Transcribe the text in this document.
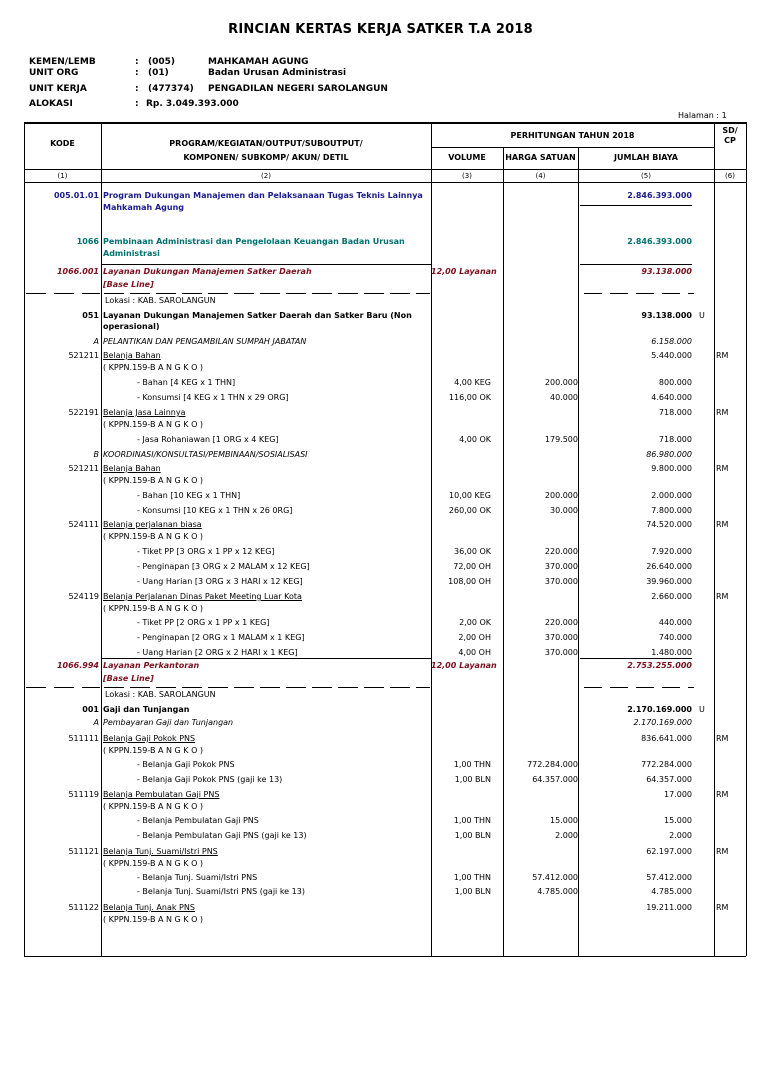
RINCIAN KERTAS KERJA SATKER T.A 2018
KEMEN/LEMB	: (005)	MAHKAMAH AGUNG
UNIT ORG	: (01)	Badan Urusan Administrasi
UNIT KERJA	: (477374) PENGADILAN NEGERI SAROLANGUN
ALOKASI	: Rp. 3.049.393.000
Halaman : 1
KODE	PROGRAM/KEGIATAN/OUTPUT/SUBOUTPUT/
KOMPONEN/ SUBKOMP/ AKUN/ DETIL
PERHITUNGAN TAHUN 2018
VOLUME	HARGA SATUAN	JUMLAH BIAYA
SD/
CP
(1)	(2)	(3)	(4)	(5)	(6)
005.01.01 Program Dukungan Manajemen dan Pelaksanaan Tugas Teknis Lainnya	2.846.393.000
Mahkamah Agung
1066 Pembinaan Administrasi dan Pengelolaan Keuangan Badan Urusan	2.846.393.000
Administrasi
1066.001 Layanan Dukungan Manajemen Satker Daerah	12,00 Layanan	93.138.000
[Base Line]
Lokasi : KAB. SAROLANGUN
051 Layanan Dukungan Manajemen Satker Daerah dan Satker Baru (Non	93.138.000 U
operasional)
A PELANTIKAN DAN PENGAMBILAN SUMPAH JABATAN	6.158.000
521211 Belanja Bahan	5.440.000	RM
( KPPN.159-B A N G K O )
- Bahan [4 KEG x 1 THN]	4,00 KEG	200.000	800.000
- Konsumsi [4 KEG x 1 THN x 29 ORG]	116,00 OK	40.000	4.640.000
522191 Belanja Jasa Lainnya	718.000	RM
( KPPN.159-B A N G K O )
- Jasa Rohaniawan [1 ORG x 4 KEG]	4,00 OK	179.500	718.000
B KOORDINASI/KONSULTASI/PEMBINAAN/SOSIALISASI	86.980.000
521211 Belanja Bahan	9.800.000	RM
( KPPN.159-B A N G K O )
- Bahan [10 KEG x 1 THN]	10,00 KEG	200.000	2.000.000
- Konsumsi [10 KEG x 1 THN x 26 0RG]	260,00 OK	30.000	7.800.000
524111 Belanja perjalanan biasa	74.520.000	RM
( KPPN.159-B A N G K O )
- Tiket PP [3 ORG x 1 PP x 12 KEG]	36,00 OK	220.000	7.920.000
- Penginapan [3 ORG x 2 MALAM x 12 KEG]	72,00 OH	370.000	26.640.000
- Uang Harian [3 ORG x 3 HARI x 12 KEG]	108,00 OH	370.000	39.960.000
524119 Belanja Perjalanan Dinas Paket Meeting Luar Kota	2.660.000	RM
( KPPN.159-B A N G K O )
- Tiket PP [2 ORG x 1 PP x 1 KEG]	2,00 OK	220.000	440.000
- Penginapan [2 ORG x 1 MALAM x 1 KEG]	2,00 OH	370.000	740.000
- Uang Harian [2 ORG x 2 HARI x 1 KEG]	4,00 OH	370.000	1.480.000
1066.994 Layanan Perkantoran	12,00 Layanan	2.753.255.000
[Base Line]
Lokasi : KAB. SAROLANGUN
001 Gaji dan Tunjangan	2.170.169.000 U
A Pembayaran Gaji dan Tunjangan	2.170.169.000
511111 Belanja Gaji Pokok PNS	836.641.000	RM
( KPPN.159-B A N G K O )
- Belanja Gaji Pokok PNS	1,00 THN	772.284.000	772.284.000
- Belanja Gaji Pokok PNS (gaji ke 13)	1,00 BLN	64.357.000	64.357.000
511119 Belanja Pembulatan Gaji PNS	17.000	RM
( KPPN.159-B A N G K O )
- Belanja Pembulatan Gaji PNS	1,00 THN	15.000	15.000
- Belanja Pembulatan Gaji PNS (gaji ke 13)	1,00 BLN	2.000	2.000
511121 Belanja Tunj. Suami/Istri PNS	62.197.000	RM
( KPPN.159-B A N G K O )
- Belanja Tunj. Suami/Istri PNS	1,00 THN	57.412.000	57.412.000
- Belanja Tunj. Suami/Istri PNS (gaji ke 13)	1,00 BLN	4.785.000	4.785.000
511122 Belanja Tunj. Anak PNS	19.211.000	RM
( KPPN.159-B A N G K O )
